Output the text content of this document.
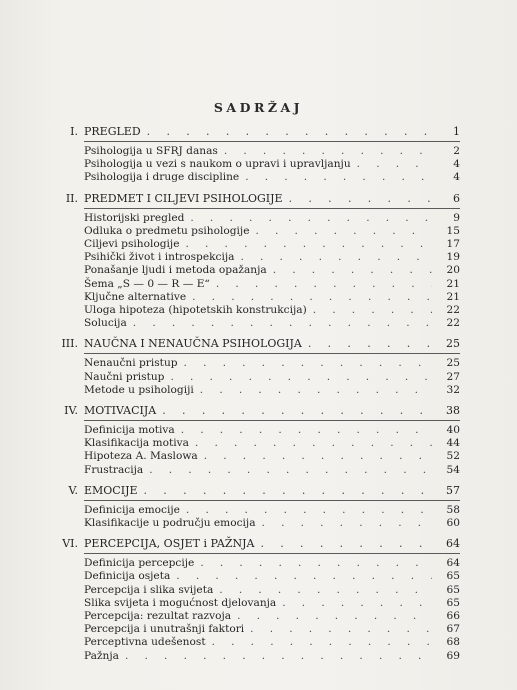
SADRŽAJ
I. PREGLED . . .	1
Psihologija u SFRJ danas . . .	2
Psihologija u vezi s naukom o upravi i upravljanju . . .	4
Psihologija i druge discipline . . .	4
II. PREDMET I CILJEVI PSIHOLOGIJE . . .	6
Historijski pregled . . .	9
Odluka o predmetu psihologije . . .	15
Ciljevi psihologije . . .	17
Psihički život i introspekcija . . .	19
Ponašanje ljudi i metoda opažanja . . .	20
Šema „S — 0 — R — E“ . . .	21
Ključne alternative . . .	21
Uloga hipoteza (hipotetskih konstrukcija) . . .	22
Solucija . . .	22
III. NAUČNA I NENAUČNA PSIHOLOGIJA . . .	25
Nenaučni pristup . . .	25
Naučni pristup . . .	27
Metode u psihologiji . . .	32
IV. MOTIVACIJA . . .	38
Definicija motiva . . .	40
Klasifikacija motiva . . .	44
Hipoteza A. Maslowa . . .	52
Frustracija . . .	54
V. EMOCIJE . . .	57
Definicija emocije . . .	58
Klasifikacije u području emocija . . .	60
VI. PERCEPCIJA, OSJET i PAŽNJA . . .	64
Definicija percepcije . . .	64
Definicija osjeta . . .	65
Percepcija i slika svijeta . . .	65
Slika svijeta i mogućnost djelovanja . . .	65
Percepcija: rezultat razvoja . . .	66
Percepcija i unutrašnji faktori . . .	67
Perceptivna udešenost . . .	68
Pažnja . . .	69
